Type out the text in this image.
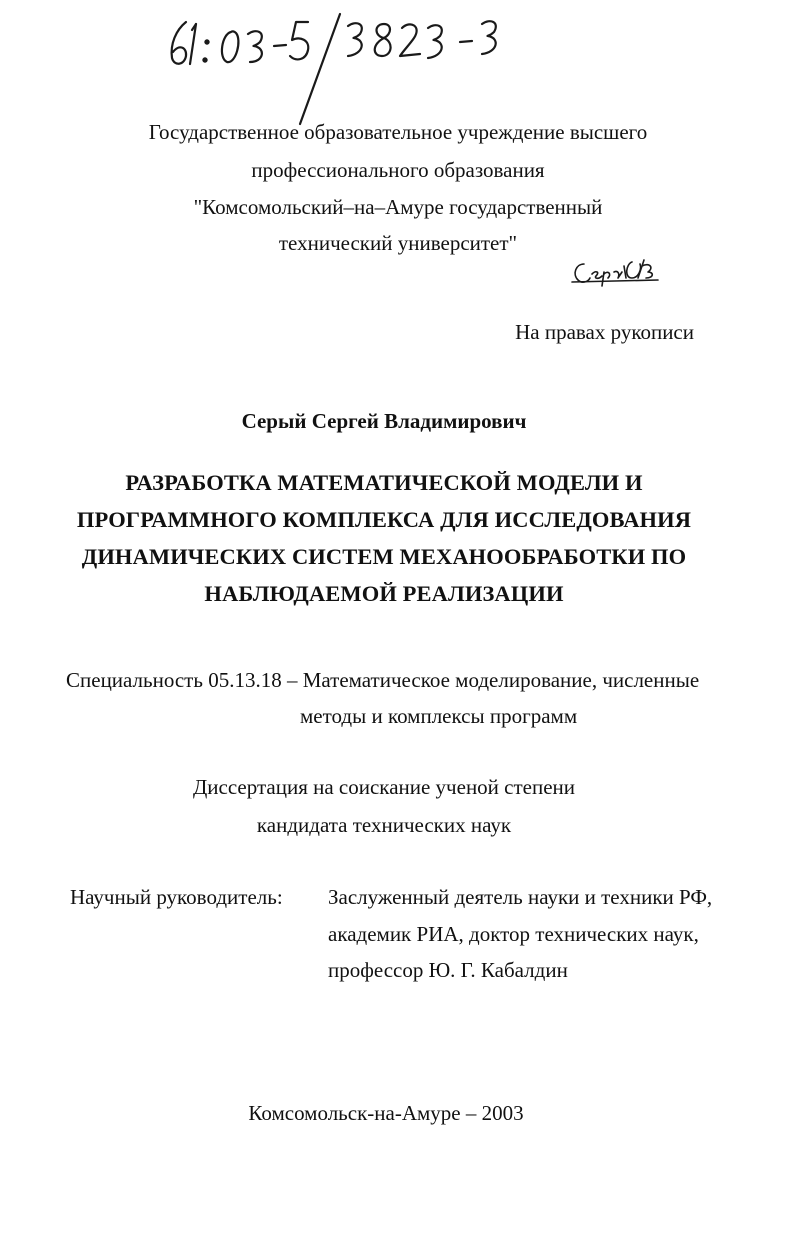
Государственное образовательное учреждение высшего
профессионального образования
"Комсомольский–на–Амуре государственный
технический университет"
На правах рукописи
Серый Сергей Владимирович
РАЗРАБОТКА МАТЕМАТИЧЕСКОЙ МОДЕЛИ И
ПРОГРАММНОГО КОМПЛЕКСА ДЛЯ ИССЛЕДОВАНИЯ
ДИНАМИЧЕСКИХ СИСТЕМ МЕХАНООБРАБОТКИ ПО
НАБЛЮДАЕМОЙ РЕАЛИЗАЦИИ
Специальность 05.13.18 – Математическое моделирование, численные
методы и комплексы программ
Диссертация на соискание ученой степени
кандидата технических наук
Научный руководитель: Заслуженный деятель науки и техники РФ,
академик РИА, доктор технических наук,
профессор Ю. Г. Кабалдин
Комсомольск-на-Амуре – 2003
